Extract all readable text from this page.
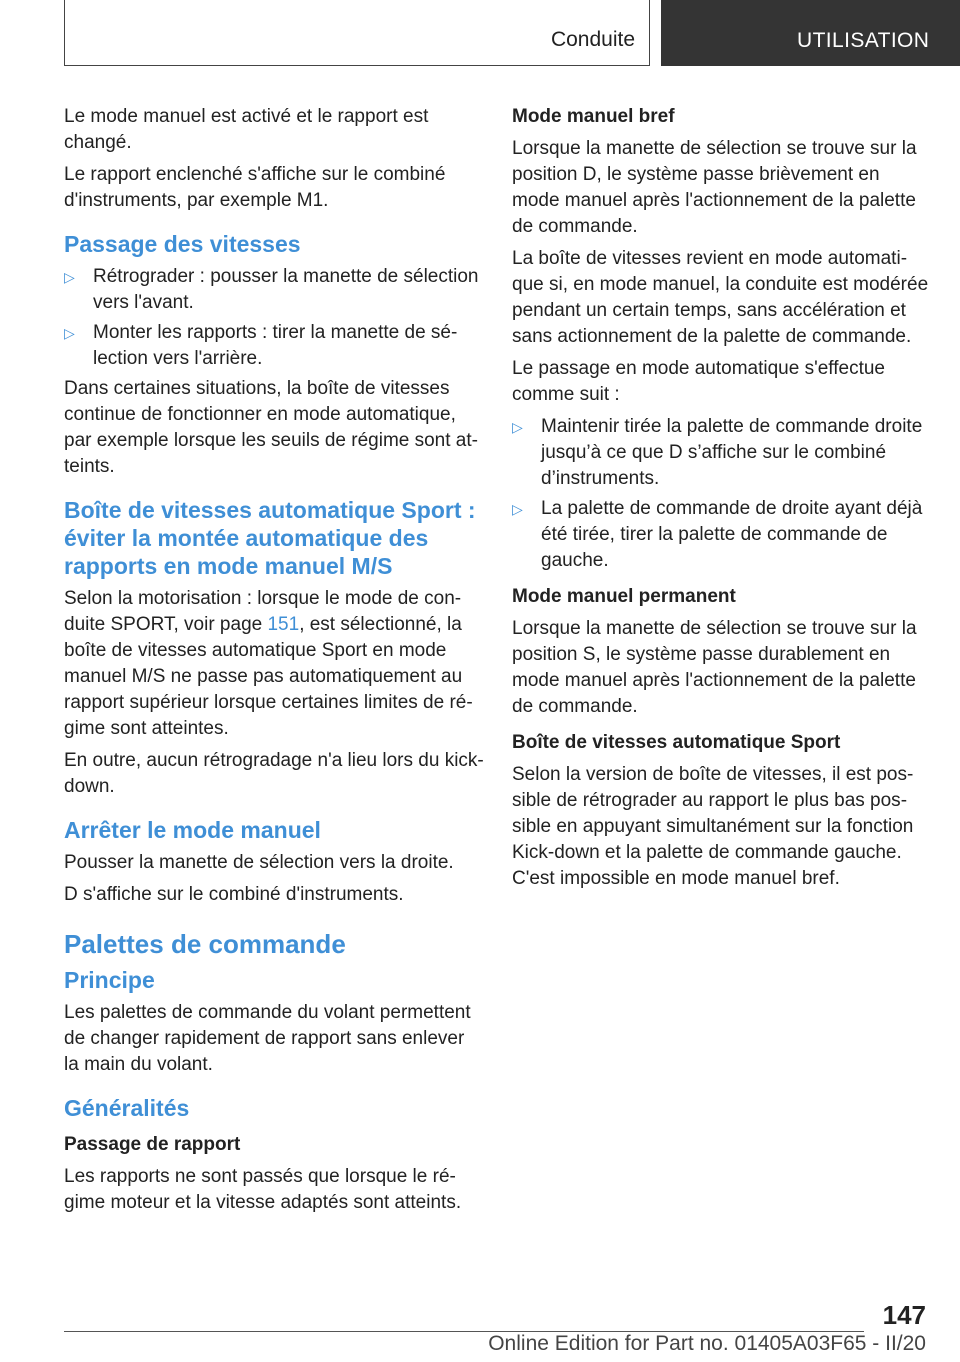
Conduite	UTILISATION

Le mode manuel est activé et le rapport est changé.

Le rapport enclenché s'affiche sur le combiné d'instruments, par exemple M1.

Passage des vitesses
▷ Rétrograder : pousser la manette de sélection vers l'avant.
▷ Monter les rapports : tirer la manette de sélection vers l'arrière.

Dans certaines situations, la boîte de vitesses continue de fonctionner en mode automatique, par exemple lorsque les seuils de régime sont atteints.

Boîte de vitesses automatique Sport : éviter la montée automatique des rapports en mode manuel M/S

Selon la motorisation : lorsque le mode de conduite SPORT, voir page 151, est sélectionné, la boîte de vitesses automatique Sport en mode manuel M/S ne passe pas automatiquement au rapport supérieur lorsque certaines limites de régime sont atteintes.

En outre, aucun rétrogradage n'a lieu lors du kick-down.

Arrêter le mode manuel

Pousser la manette de sélection vers la droite.

D s'affiche sur le combiné d'instruments.

Palettes de commande
Principe

Les palettes de commande du volant permettent de changer rapidement de rapport sans enlever la main du volant.

Généralités
Passage de rapport

Les rapports ne sont passés que lorsque le régime moteur et la vitesse adaptés sont atteints.

Mode manuel bref

Lorsque la manette de sélection se trouve sur la position D, le système passe brièvement en mode manuel après l'actionnement de la palette de commande.

La boîte de vitesses revient en mode automatique si, en mode manuel, la conduite est modérée pendant un certain temps, sans accélération et sans actionnement de la palette de commande.

Le passage en mode automatique s'effectue comme suit :

▷ Maintenir tirée la palette de commande droite jusqu’à ce que D s’affiche sur le combiné d’instruments.
▷ La palette de commande de droite ayant déjà été tirée, tirer la palette de commande de gauche.
Mode manuel permanent

Lorsque la manette de sélection se trouve sur la position S, le système passe durablement en mode manuel après l'actionnement de la palette de commande.

Boîte de vitesses automatique Sport

Selon la version de boîte de vitesses, il est possible de rétrograder au rapport le plus bas possible en appuyant simultanément sur la fonction Kick-down et la palette de commande gauche. C'est impossible en mode manuel bref.

147
Online Edition for Part no. 01405A03F65 - II/20
